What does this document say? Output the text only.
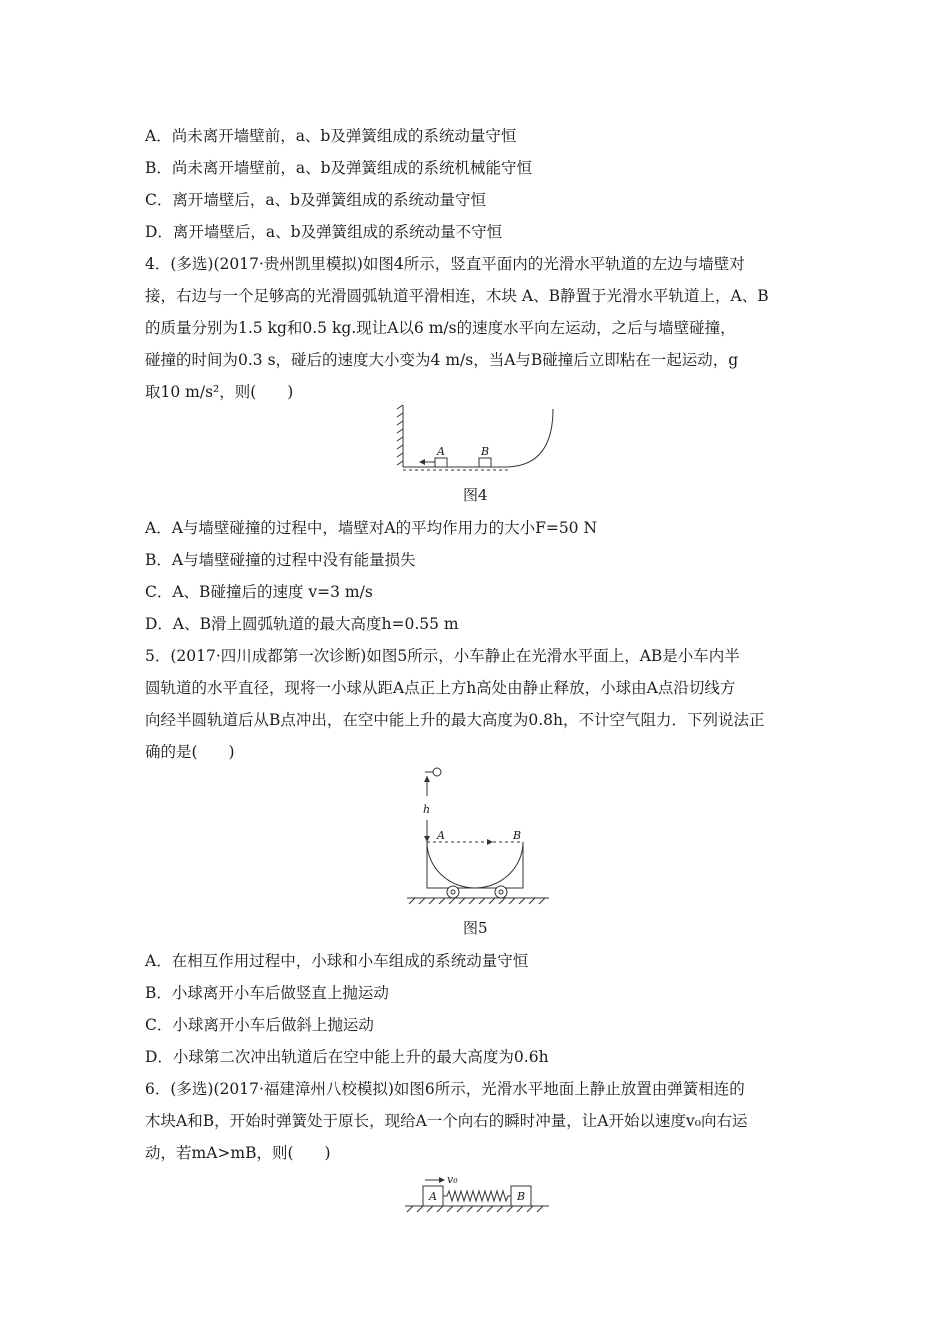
A．尚未离开墙壁前，a、b及弹簧组成的系统动量守恒
B．尚未离开墙壁前，a、b及弹簧组成的系统机械能守恒
C．离开墙壁后，a、b及弹簧组成的系统动量守恒
D．离开墙壁后，a、b及弹簧组成的系统动量不守恒
4．(多选)(2017·贵州凯里模拟)如图4所示，竖直平面内的光滑水平轨道的左边与墙壁对
接，右边与一个足够高的光滑圆弧轨道平滑相连，木块 A、B静置于光滑水平轨道上，A、B
的质量分别为1.5 kg和0.5 kg.现让A以6 m/s的速度水平向左运动，之后与墙壁碰撞，
碰撞的时间为0.3 s，碰后的速度大小变为4 m/s，当A与B碰撞后立即粘在一起运动，g
取10 m/s²，则(　　)
A	B
图4
A．A与墙壁碰撞的过程中，墙壁对A的平均作用力的大小F=50 N
B．A与墙壁碰撞的过程中没有能量损失
C．A、B碰撞后的速度 v=3 m/s
D．A、B滑上圆弧轨道的最大高度h=0.55 m
5．(2017·四川成都第一次诊断)如图5所示，小车静止在光滑水平面上，AB是小车内半
圆轨道的水平直径，现将一小球从距A点正上方h高处由静止释放，小球由A点沿切线方
向经半圆轨道后从B点冲出，在空中能上升的最大高度为0.8h，不计空气阻力．下列说法正
确的是(　　)
h
A	B
图5
A．在相互作用过程中，小球和小车组成的系统动量守恒
B．小球离开小车后做竖直上抛运动
C．小球离开小车后做斜上抛运动
D．小球第二次冲出轨道后在空中能上升的最大高度为0.6h
6．(多选)(2017·福建漳州八校模拟)如图6所示，光滑水平地面上静止放置由弹簧相连的
木块A和B，开始时弹簧处于原长，现给A一个向右的瞬时冲量，让A开始以速度v₀向右运
动，若mA>mB，则(　　)
v₀
A	B
